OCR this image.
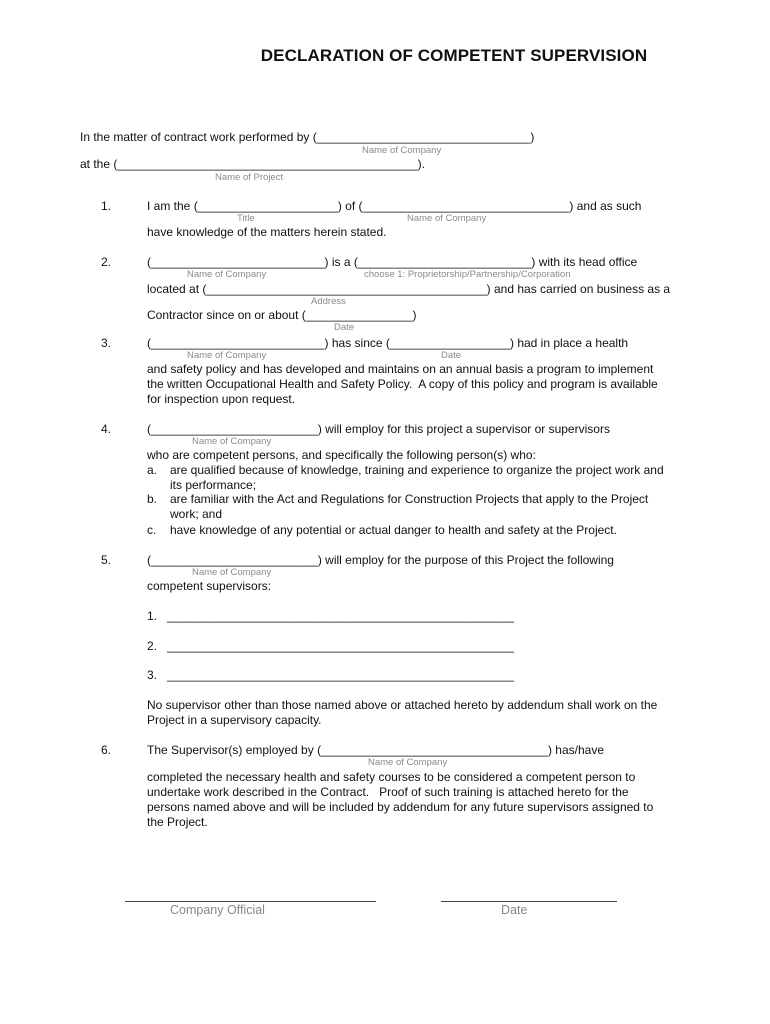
DECLARATION OF COMPETENT SUPERVISION

In the matter of contract work performed by (________________________________)

Name of Company

at the (_____________________________________________).

Name of Project

1.	I am the (_____________________) of (_______________________________) and as such

Title	Name of Company

have knowledge of the matters herein stated.

2.	(__________________________) is a (__________________________) with its head office

Name of Company	choose 1: Proprietorship/Partnership/Corporation

located at (__________________________________________) and has carried on business as a

Address

Contractor since on or about (________________)

Date

3.	(__________________________) has since (__________________) had in place a health

Name of Company	Date

and safety policy and has developed and maintains on an annual basis a program to implement

the written Occupational Health and Safety Policy.  A copy of this policy and program is available

for inspection upon request.

4.	(_________________________) will employ for this project a supervisor or supervisors

Name of Company

who are competent persons, and specifically the following person(s) who:

a. are qualified because of knowledge, training and experience to organize the project work and

its performance;

b. are familiar with the Act and Regulations for Construction Projects that apply to the Project

work; and

c. have knowledge of any potential or actual danger to health and safety at the Project.

5.	(_________________________) will employ for the purpose of this Project the following

Name of Company

competent supervisors:

1.   ____________________________________________________

2.   ____________________________________________________

3.   ____________________________________________________

No supervisor other than those named above or attached hereto by addendum shall work on the

Project in a supervisory capacity.

6.	The Supervisor(s) employed by (__________________________________) has/have

Name of Company

completed the necessary health and safety courses to be considered a competent person to

undertake work described in the Contract.   Proof of such training is attached hereto for the

persons named above and will be included by addendum for any future supervisors assigned to

the Project.

Company Official	Date
